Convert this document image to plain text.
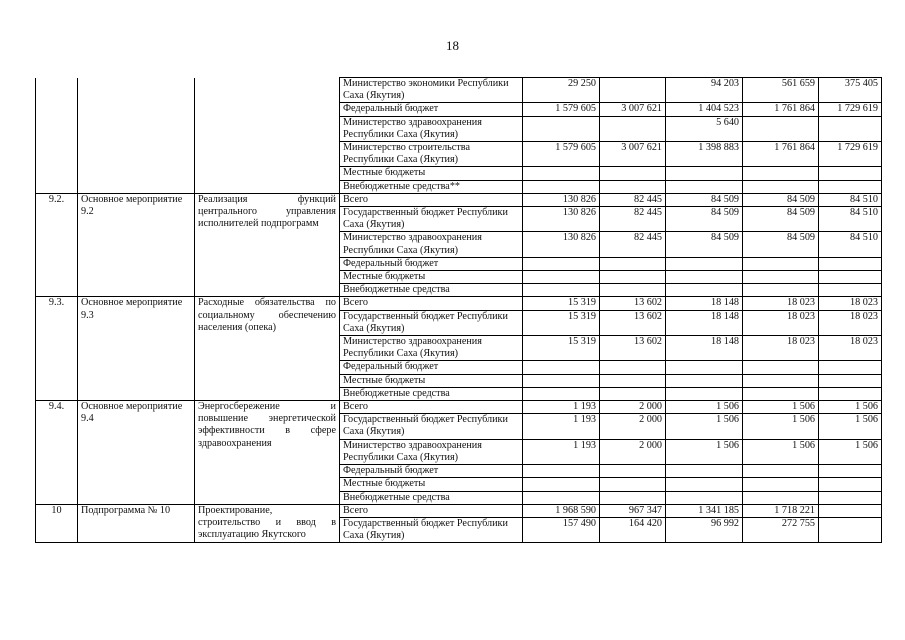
18
			Министерство экономики Республики Саха (Якутия)	29 250		94 203	561 659	375 405
			Федеральный бюджет	1 579 605	3 007 621	1 404 523	1 761 864	1 729 619
			Министерство здравоохранения Республики Саха (Якутия)			5 640		
			Министерство строительства Республики Саха (Якутия)	1 579 605	3 007 621	1 398 883	1 761 864	1 729 619
			Местные бюджеты					
			Внебюджетные средства**					
9.2.	Основное мероприятие 9.2	Реализация функций центрального управления исполнителей подпрограмм	Всего	130 826	82 445	84 509	84 509	84 510
			Государственный бюджет Республики Саха (Якутия)	130 826	82 445	84 509	84 509	84 510
			Министерство здравоохранения Республики Саха (Якутия)	130 826	82 445	84 509	84 509	84 510
			Федеральный бюджет					
			Местные бюджеты					
			Внебюджетные средства					
9.3.	Основное мероприятие 9.3	Расходные обязательства по социальному обеспечению населения (опека)	Всего	15 319	13 602	18 148	18 023	18 023
			Государственный бюджет Республики Саха (Якутия)	15 319	13 602	18 148	18 023	18 023
			Министерство здравоохранения Республики Саха (Якутия)	15 319	13 602	18 148	18 023	18 023
			Федеральный бюджет					
			Местные бюджеты					
			Внебюджетные средства					
9.4.	Основное мероприятие 9.4	Энергосбережение и повышение энергетической эффективности в сфере здравоохранения	Всего	1 193	2 000	1 506	1 506	1 506
			Государственный бюджет Республики Саха (Якутия)	1 193	2 000	1 506	1 506	1 506
			Министерство здравоохранения Республики Саха (Якутия)	1 193	2 000	1 506	1 506	1 506
			Федеральный бюджет					
			Местные бюджеты					
			Внебюджетные средства					
10	Подпрограмма № 10	Проектирование, строительство и ввод в эксплуатацию Якутского	Всего	1 968 590	967 347	1 341 185	1 718 221	
			Государственный бюджет Республики Саха (Якутия)	157 490	164 420	96 992	272 755	
